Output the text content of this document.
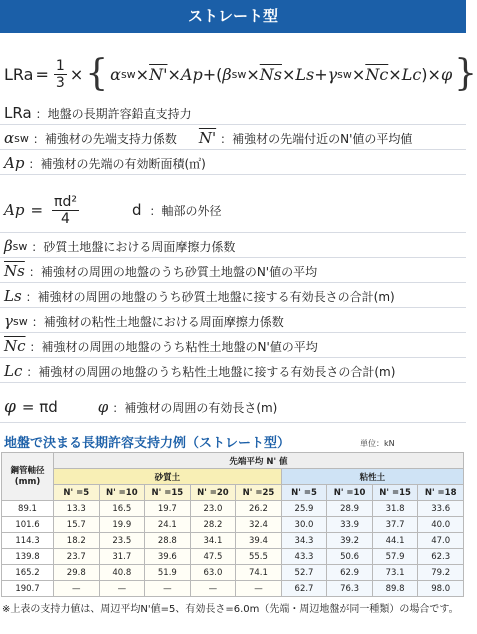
ストレート型
LRa = $\frac{1}{3}$ × { α sw × N' × Ap + ( β sw × $\overline{Ns} \times Ls + \gamma$ sw × $\overline{Nc} \times Lc$ ) × φ }
LRa ：地盤の長期許容鉛直支持力
α sw ：補強材の先端支持力係数 N' ：補強材の先端付近のN'値の平均値
Ap ：補強材の先端の有効断面積(㎡)
$Ap = \frac{\text{πd²}}{4}$	d ：軸部の外径
β sw ：砂質土地盤における周面摩擦力係数
$\overline{Ns}$ ：補強材の周囲の地盤のうち砂質土地盤のN'値の平均
Ls ：補強材の周囲の地盤のうち砂質土地盤に接する有効長さの合計(m)
γ sw ：補強材の粘性土地盤における周面摩擦力係数
$\overline{Nc}$ ：補強材の周囲の地盤のうち粘性土地盤のN'値の平均
Lc ：補強材の周囲の地盤のうち粘性土地盤に接する有効長さの合計(m)
φ = πd	φ ：補強材の周囲の有効長さ(m)
地盤で決まる長期許容支持力例（ストレート型）	単位：kN
鋼管軸径
(mm)	先端平均 N' 値								
	砂質土					粘性土			
	N' =5	N' =10	N' =15	N' =20	N' =25	N' =5	N' =10	N' =15	N' =18
89.1	13.3	16.5	19.7	23.0	26.2	25.9	28.9	31.8	33.6
101.6	15.7	19.9	24.1	28.2	32.4	30.0	33.9	37.7	40.0
114.3	18.2	23.5	28.8	34.1	39.4	34.3	39.2	44.1	47.0
139.8	23.7	31.7	39.6	47.5	55.5	43.3	50.6	57.9	62.3
165.2	29.8	40.8	51.9	63.0	74.1	52.7	62.9	73.1	79.2
190.7	—	—	—	—	—	62.7	76.3	89.8	98.0
※上表の支持力値は、周辺平均N'値=5、有効長さ=6.0m（先端・周辺地盤が同一種類）の場合です。
